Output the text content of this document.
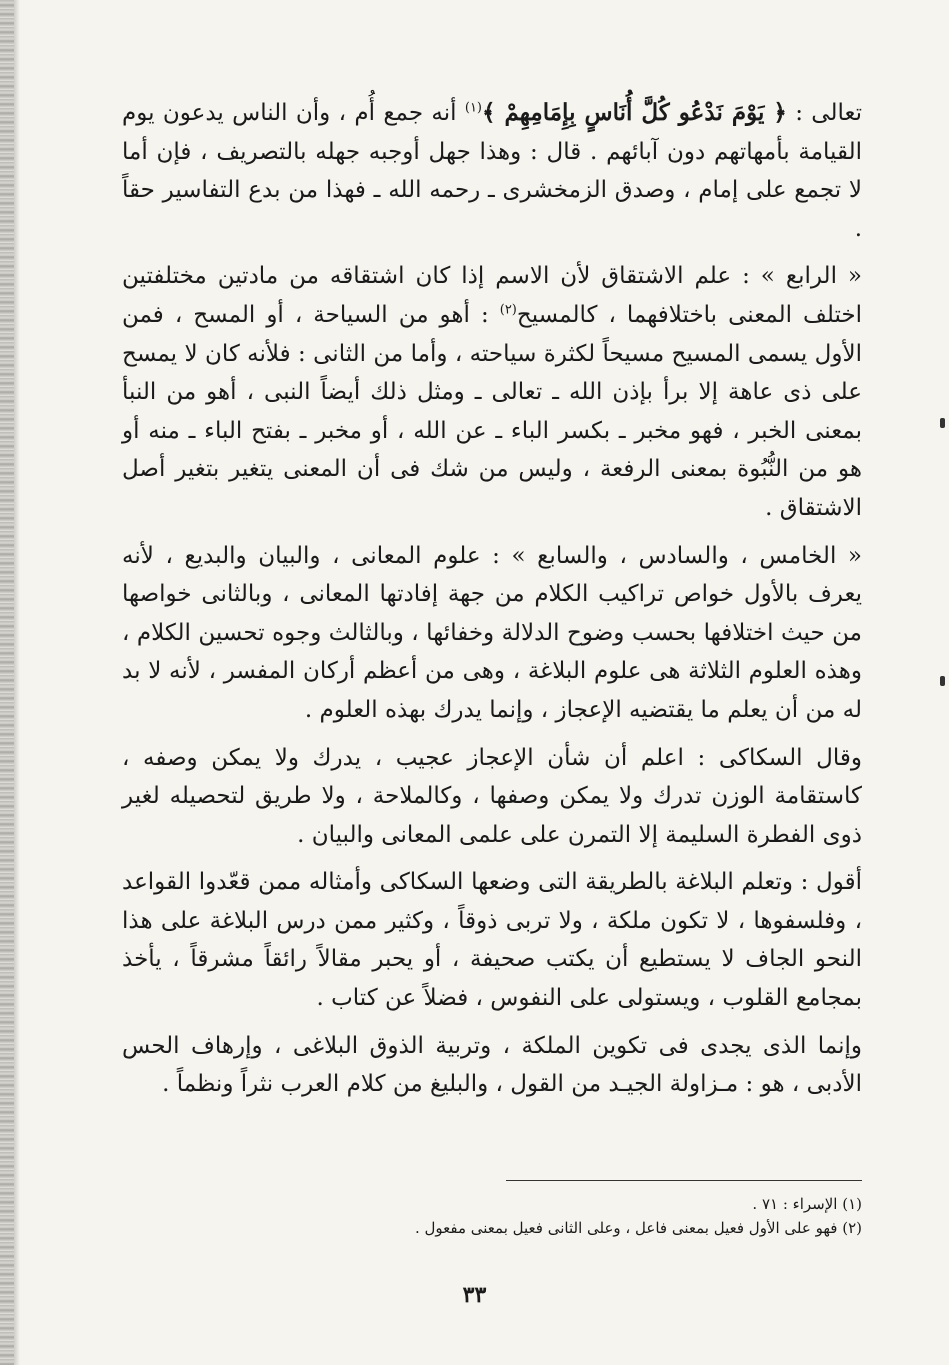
تعالى : ﴿ يَوْمَ نَدْعُو كُلَّ أُنَاسٍ بِإِمَامِهِمْ ﴾$^{(١)}$ أنه جمع أُم ، وأن الناس يدعون يوم القيامة بأمهاتهم دون آبائهم . قال : وهذا جهل أوجبه جهله بالتصريف ، فإن أما لا تجمع على إمام ، وصدق الزمخشرى ـ رحمه الله ـ فهذا من بدع التفاسير حقاً .

« الرابع » : علم الاشتقاق لأن الاسم إذا كان اشتقاقه من مادتين مختلفتين اختلف المعنى باختلافهما ، كالمسيح$^{(٢)}$ : أهو من السياحة ، أو المسح ، فمن الأول يسمى المسيح مسيحاً لكثرة سياحته ، وأما من الثانى : فلأنه كان لا يمسح على ذى عاهة إلا برأ بإذن الله ـ تعالى ـ ومثل ذلك أيضاً النبى ، أهو من النبأ بمعنى الخبر ، فهو مخبر ـ بكسر الباء ـ عن الله ، أو مخبر ـ بفتح الباء ـ منه أو هو من النُّبُوة بمعنى الرفعة ، وليس من شك فى أن المعنى يتغير بتغير أصل الاشتقاق .

« الخامس ، والسادس ، والسابع » : علوم المعانى ، والبيان والبديع ، لأنه يعرف بالأول خواص تراكيب الكلام من جهة إفادتها المعانى ، وبالثانى خواصها من حيث اختلافها بحسب وضوح الدلالة وخفائها ، وبالثالث وجوه تحسين الكلام ، وهذه العلوم الثلاثة هى علوم البلاغة ، وهى من أعظم أركان المفسر ، لأنه لا بد له من أن يعلم ما يقتضيه الإعجاز ، وإنما يدرك بهذه العلوم .

وقال السكاكى : اعلم أن شأن الإعجاز عجيب ، يدرك ولا يمكن وصفه ، كاستقامة الوزن تدرك ولا يمكن وصفها ، وكالملاحة ، ولا طريق لتحصيله لغير ذوى الفطرة السليمة إلا التمرن على علمى المعانى والبيان .

أقول : وتعلم البلاغة بالطريقة التى وضعها السكاكى وأمثاله ممن قعّدوا القواعد ، وفلسفوها ، لا تكون ملكة ، ولا تربى ذوقاً ، وكثير ممن درس البلاغة على هذا النحو الجاف لا يستطيع أن يكتب صحيفة ، أو يحبر مقالاً رائقاً مشرقاً ، يأخذ بمجامع القلوب ، ويستولى على النفوس ، فضلاً عن كتاب .

وإنما الذى يجدى فى تكوين الملكة ، وتربية الذوق البلاغى ، وإرهاف الحس الأدبى ، هو : مـزاولة الجيـد من القول ، والبليغ من كلام العرب نثراً ونظماً .

(١) الإسراء : ٧١ .
(٢) فهو على الأول فعيل بمعنى فاعل ، وعلى الثانى فعيل بمعنى مفعول .
٣٣
